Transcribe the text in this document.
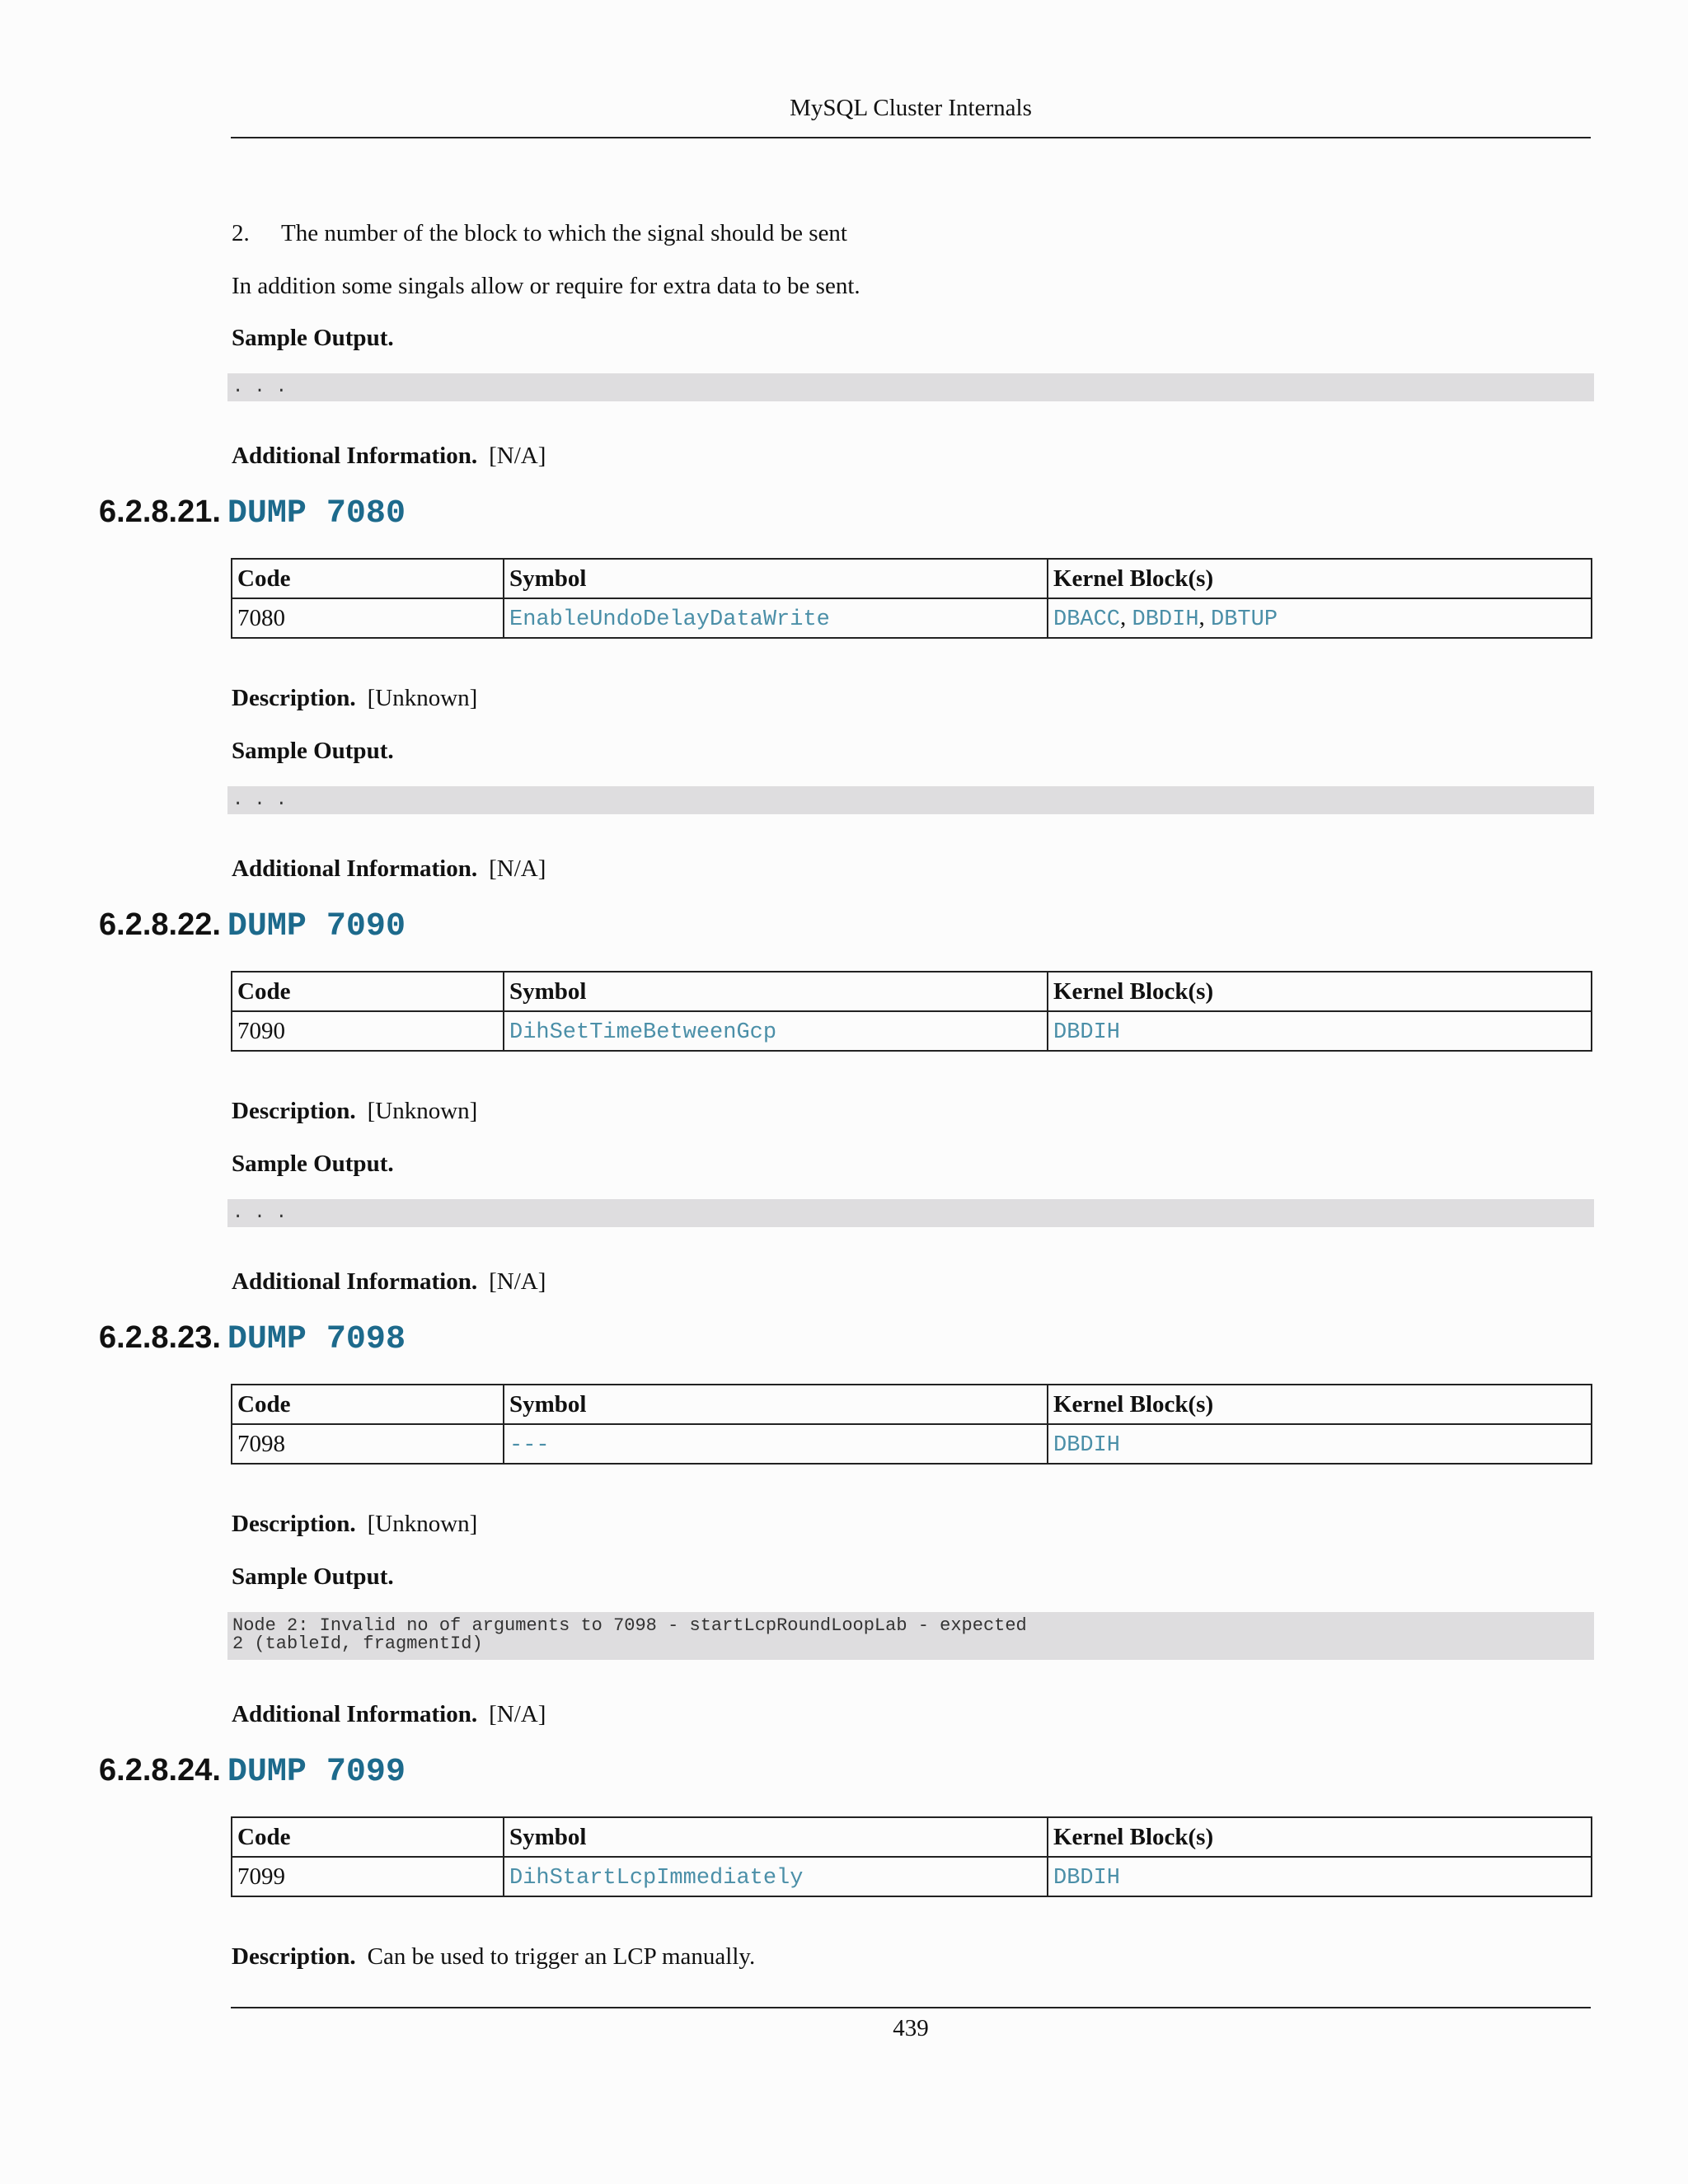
MySQL Cluster Internals
2. The number of the block to which the signal should be sent
In addition some singals allow or require for extra data to be sent.
Sample Output.
. . .
Additional Information. [N/A]
6.2.8.21. DUMP 7080
Code	Symbol	Kernel Block(s)
7080	EnableUndoDelayDataWrite	DBACC, DBDIH, DBTUP
Description. [Unknown]
Sample Output.
. . .
Additional Information. [N/A]
6.2.8.22. DUMP 7090
Code	Symbol	Kernel Block(s)
7090	DihSetTimeBetweenGcp	DBDIH
Description. [Unknown]
Sample Output.
. . .
Additional Information. [N/A]
6.2.8.23. DUMP 7098
Code	Symbol	Kernel Block(s)
7098	---	DBDIH
Description. [Unknown]
Sample Output.
Node 2: Invalid no of arguments to 7098 - startLcpRoundLoopLab - expected
2 (tableId, fragmentId)
Additional Information. [N/A]
6.2.8.24. DUMP 7099
Code	Symbol	Kernel Block(s)
7099	DihStartLcpImmediately	DBDIH
Description. Can be used to trigger an LCP manually.
439
